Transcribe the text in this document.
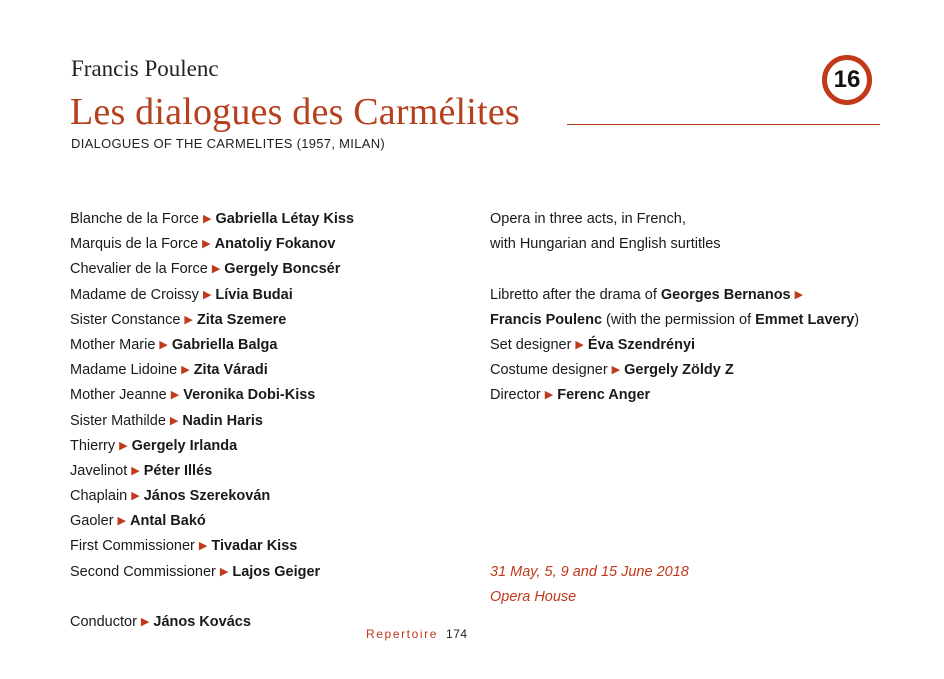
Francis Poulenc
Les dialogues des Carmélites
DIALOGUES OF THE CARMELITES (1957, MILAN)
16
Blanche de la Force ▶ Gabriella Létay Kiss
Marquis de la Force ▶ Anatoliy Fokanov
Chevalier de la Force ▶ Gergely Boncsér
Madame de Croissy ▶ Lívia Budai
Sister Constance ▶ Zita Szemere
Mother Marie ▶ Gabriella Balga
Madame Lidoine ▶ Zita Váradi
Mother Jeanne ▶ Veronika Dobi-Kiss
Sister Mathilde ▶ Nadin Haris
Thierry ▶ Gergely Irlanda
Javelinot ▶ Péter Illés
Chaplain ▶ János Szerekován
Gaoler ▶ Antal Bakó
First Commissioner ▶ Tivadar Kiss
Second Commissioner ▶ Lajos Geiger
Conductor ▶ János Kovács
Opera in three acts, in French,
with Hungarian and English surtitles
Libretto after the drama of Georges Bernanos ▶
Francis Poulenc (with the permission of Emmet Lavery)
Set designer ▶ Éva Szendrényi
Costume designer ▶ Gergely Zöldy Z
Director ▶ Ferenc Anger
31 May, 5, 9 and 15 June 2018
Opera House
Repertoire 174
